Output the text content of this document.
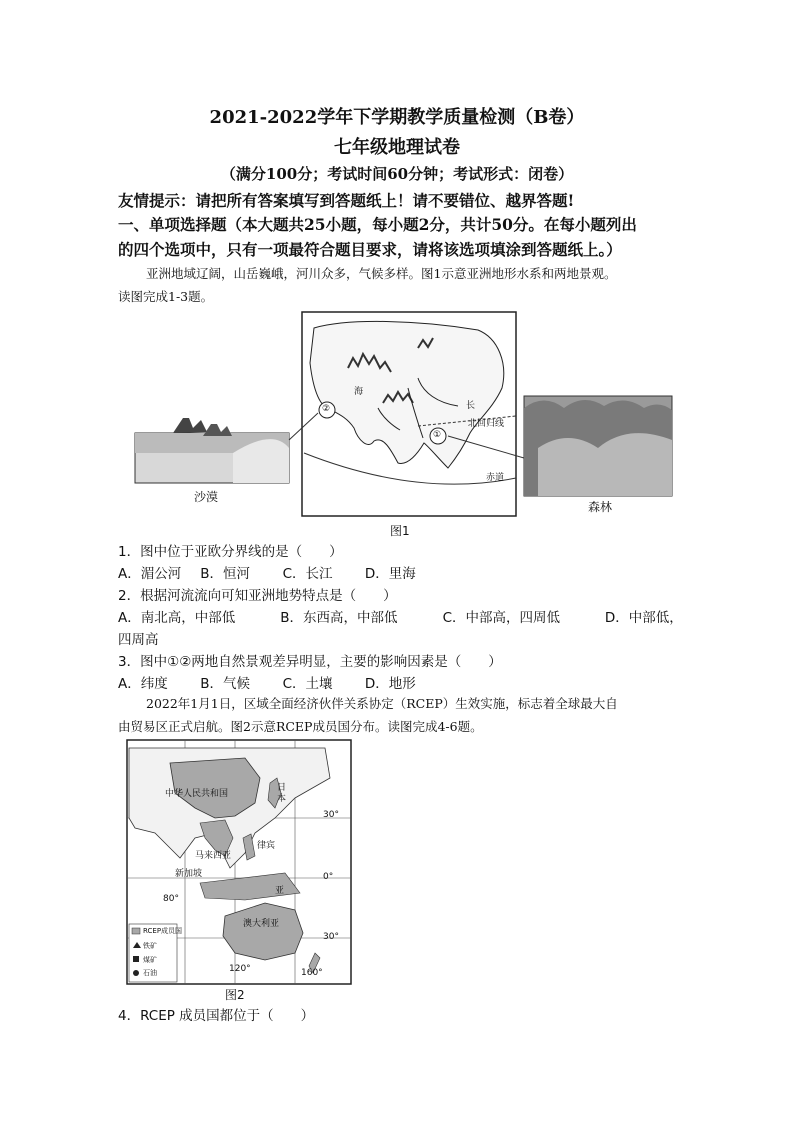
2021-2022学年下学期教学质量检测（B卷）
七年级地理试卷
（满分100分；考试时间60分钟；考试形式：闭卷）
友情提示：请把所有答案填写到答题纸上！请不要错位、越界答题!
一、单项选择题（本大题共25小题，每小题2分，共计50分。在每小题列出
的四个选项中，只有一项最符合题目要求，请将该选项填涂到答题纸上。）
亚洲地域辽阔，山岳巍峨，河川众多，气候多样。图1示意亚洲地形水系和两地景观。
读图完成1-3题。
②
①
北回归线
赤道
长
海
沙漠
森林
图1
1．图中位于亚欧分界线的是（　　）
A．湄公河 B．恒河 C．长江 D．里海
2．根据河流流向可知亚洲地势特点是（　　）
A．南北高，中部低	B．东西高，中部低	C．中部高，四周低	D．中部低，
四周高
3．图中①②两地自然景观差异明显，主要的影响因素是（　　）
A．纬度 B．气候 C．土壤 D．地形
2022年1月1日，区域全面经济伙伴关系协定（RCEP）生效实施，标志着全球最大自
由贸易区正式启航。图2示意RCEP成员国分布。读图完成4-6题。
中华人民共和国
日本
马来西亚
律宾
新加坡
亚
澳大利亚
30°
0°
30°
80°
120°	160°
RCEP成员国
铁矿
煤矿
石油
图2
4．RCEP 成员国都位于（　　）
